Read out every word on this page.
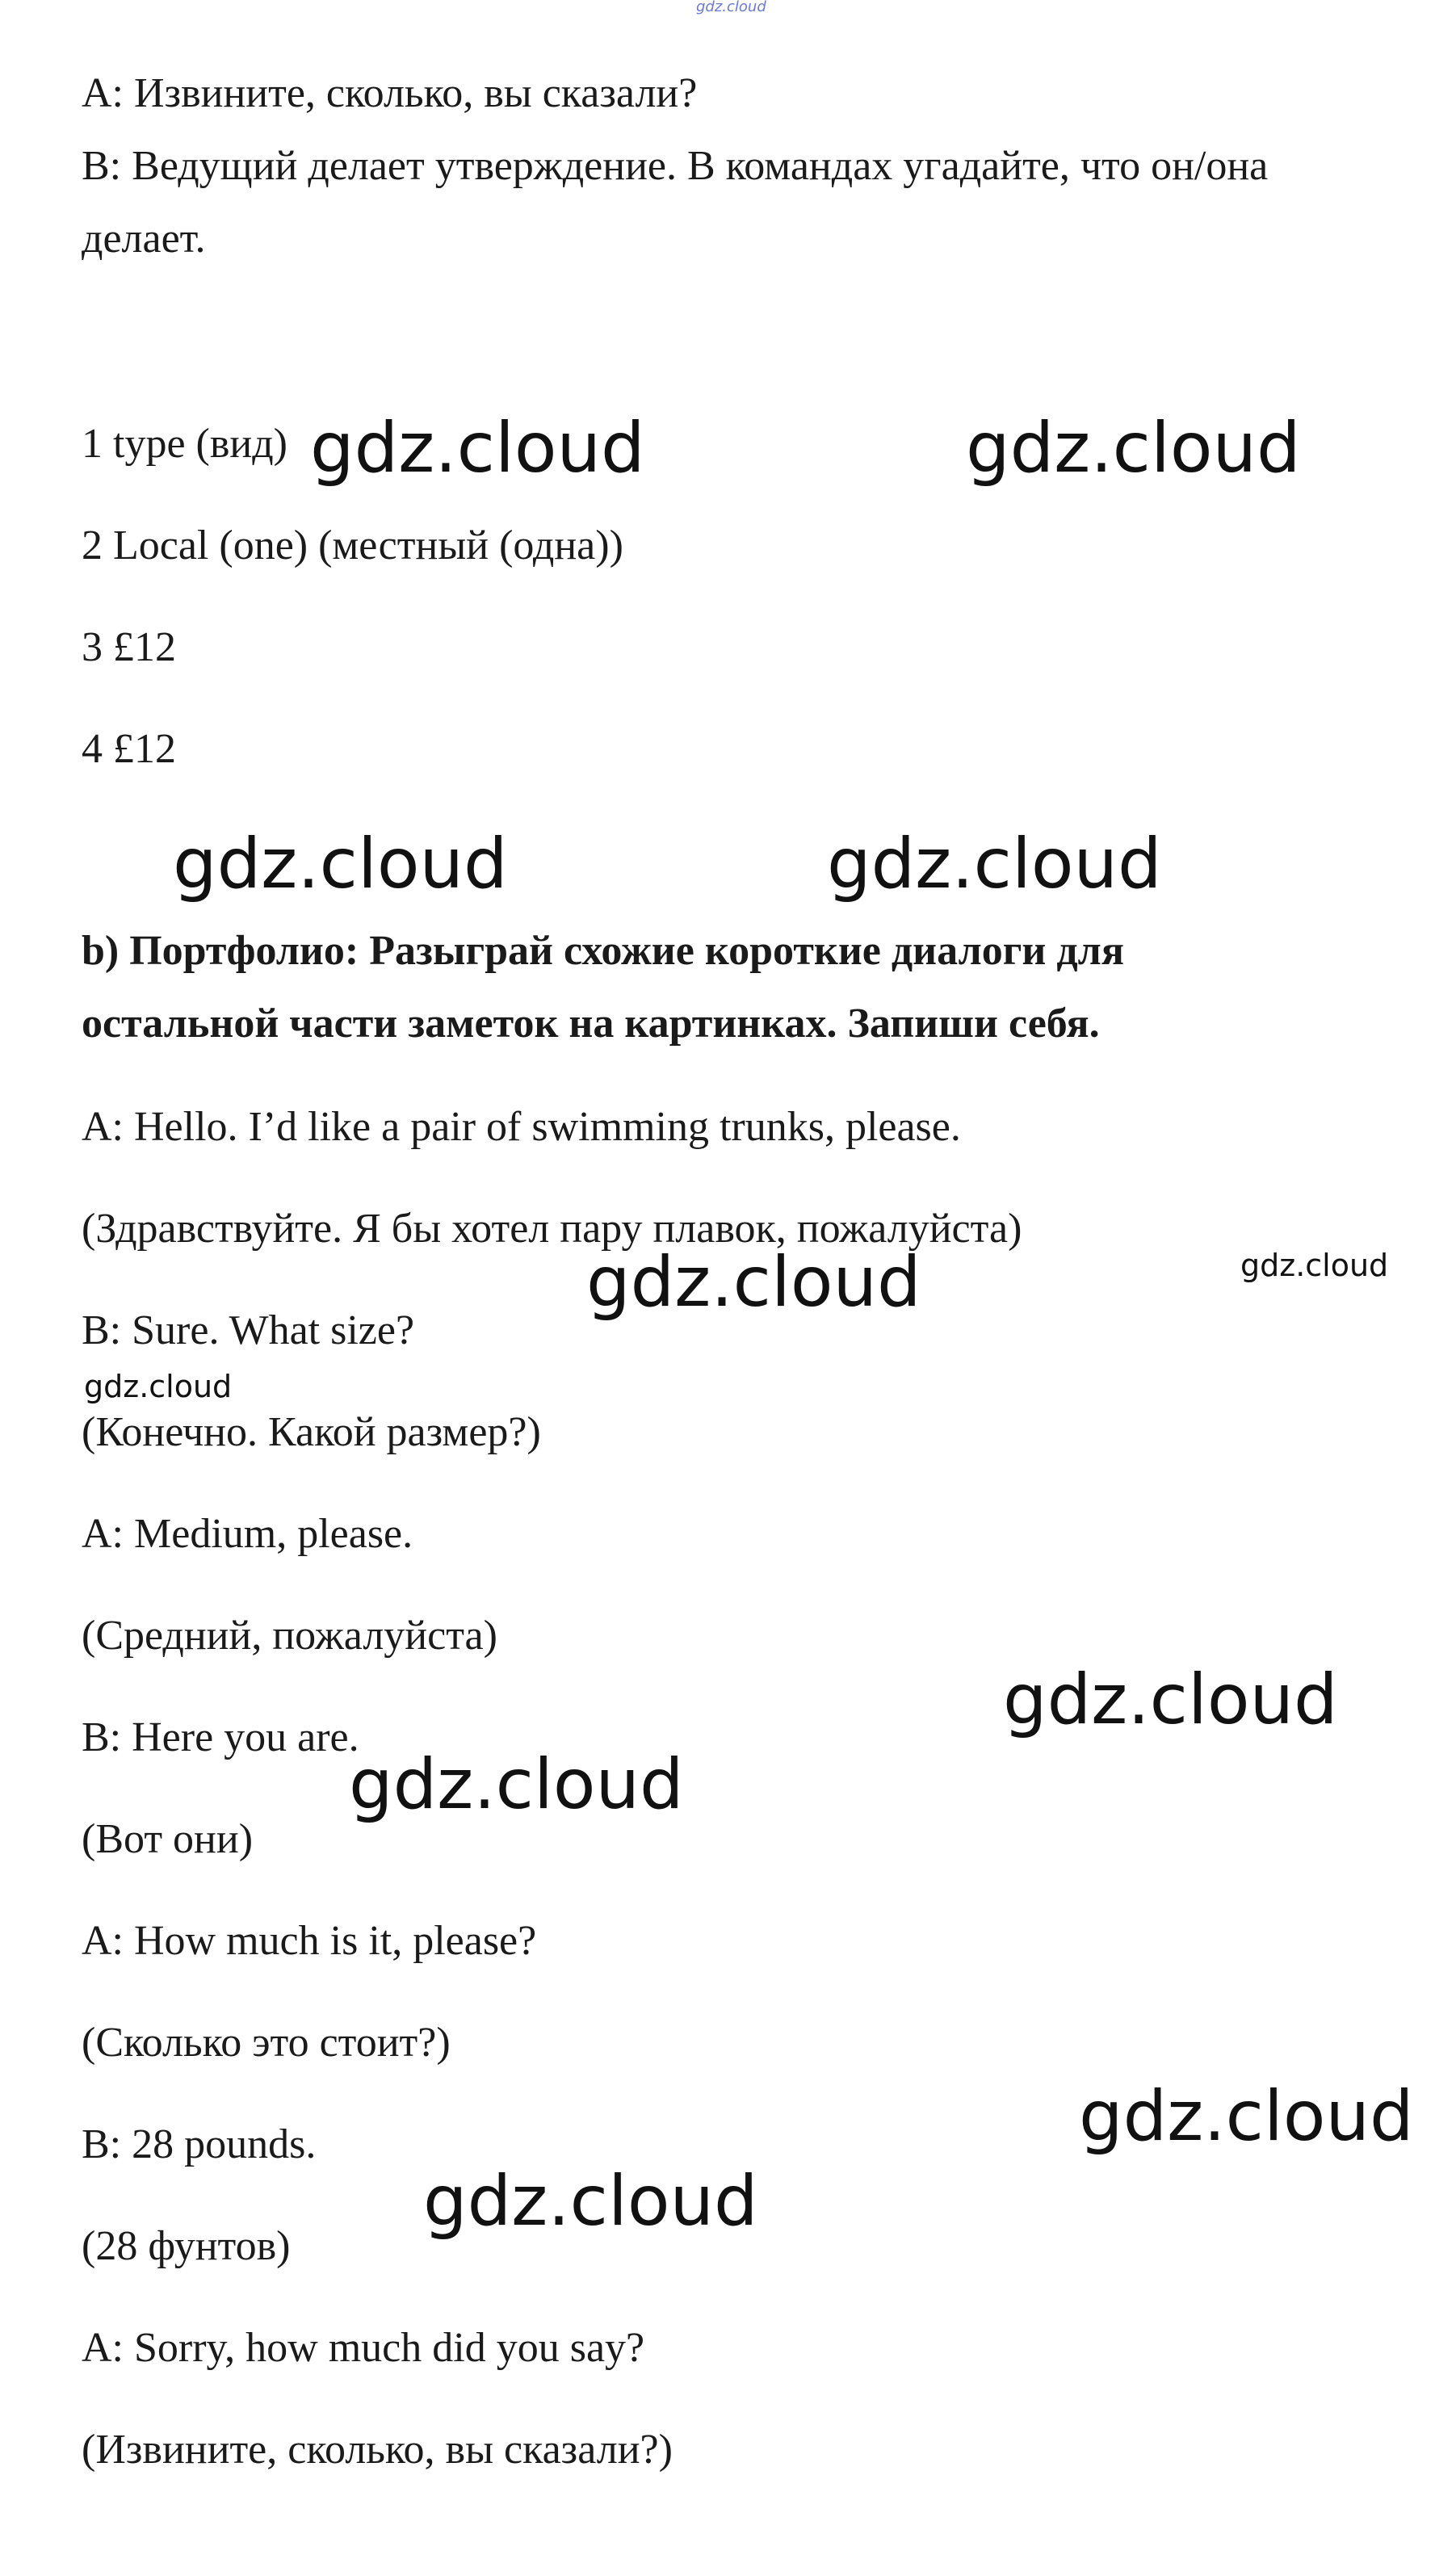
gdz.cloud
A: Извините, сколько, вы сказали?
B: Ведущий делает утверждение. В командах угадайте, что он/она
делает.
1 type (вид)
2 Local (one) (местный (одна))
3 £12
4 £12
b) Портфолио: Разыграй схожие короткие диалоги для
остальной части заметок на картинках. Запиши себя.
A: Hello. I’d like a pair of swimming trunks, please.
(Здравствуйте. Я бы хотел пару плавок, пожалуйста)
B: Sure. What size?
(Конечно. Какой размер?)
A: Medium, please.
(Средний, пожалуйста)
B: Here you are.
(Вот они)
A: How much is it, please?
(Сколько это стоит?)
B: 28 pounds.
(28 фунтов)
A: Sorry, how much did you say?
(Извините, сколько, вы сказали?)
gdz.cloud	gdz.cloud
gdz.cloud	gdz.cloud
gdz.cloud	gdz.cloud
gdz.cloud
gdz.cloud
gdz.cloud
gdz.cloud
gdz.cloud
